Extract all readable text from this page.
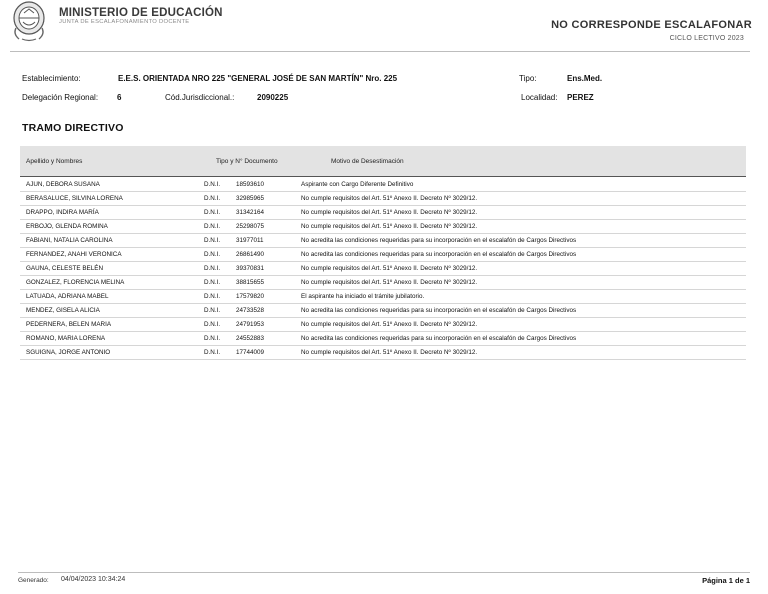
MINISTERIO DE EDUCACIÓN
JUNTA DE ESCALAFONAMIENTO DOCENTE	NO CORRESPONDE ESCALAFONAR
CICLO LECTIVO 2023
Establecimiento:	E.E.S. ORIENTADA NRO 225 "GENERAL JOSÉ DE SAN MARTÍN" Nro. 225	Tipo:	Ens.Med.
Delegación Regional: 6	Cód.Jurisdiccional.:	2090225	Localidad: PEREZ
TRAMO DIRECTIVO
Apellido y Nombres	Tipo y N° Documento	Motivo de Desestimación
AJUN, DEBORA SUSANA	D.N.I.	18593610	Aspirante con Cargo Diferente Definitivo
BERASALUCE, SILVINA LORENA	D.N.I.	32985965	No cumple requisitos del Art. 51º Anexo II. Decreto Nº 3029/12.
DRAPPO, INDIRA MARÍA	D.N.I.	31342164	No cumple requisitos del Art. 51º Anexo II. Decreto Nº 3029/12.
ERBOJO, GLENDA ROMINA	D.N.I.	25298075	No cumple requisitos del Art. 51º Anexo II. Decreto Nº 3029/12.
FABIANI, NATALIA CAROLINA	D.N.I.	31977011	No acredita las condiciones requeridas para su incorporación en el escalafón de Cargos Directivos
FERNANDEZ, ANAHI VERONICA	D.N.I.	26861490	No acredita las condiciones requeridas para su incorporación en el escalafón de Cargos Directivos
GAUNA, CELESTE BELÉN	D.N.I.	39370831	No cumple requisitos del Art. 51º Anexo II. Decreto Nº 3029/12.
GONZALEZ, FLORENCIA MELINA	D.N.I.	38815655	No cumple requisitos del Art. 51º Anexo II. Decreto Nº 3029/12.
LATUADA, ADRIANA MABEL	D.N.I.	17579820	El aspirante ha iniciado el trámite jubilatorio.
MENDEZ, GISELA ALICIA	D.N.I.	24733528	No acredita las condiciones requeridas para su incorporación en el escalafón de Cargos Directivos
PEDERNERA, BELEN MARIA	D.N.I.	24791953	No cumple requisitos del Art. 51º Anexo II. Decreto Nº 3029/12.
ROMANO, MARIA LORENA	D.N.I.	24552883	No acredita las condiciones requeridas para su incorporación en el escalafón de Cargos Directivos
SGUIGNA, JORGE ANTONIO	D.N.I.	17744009	No cumple requisitos del Art. 51º Anexo II. Decreto Nº 3029/12.
Generado: 04/04/2023 10:34:24	Página 1 de 1
